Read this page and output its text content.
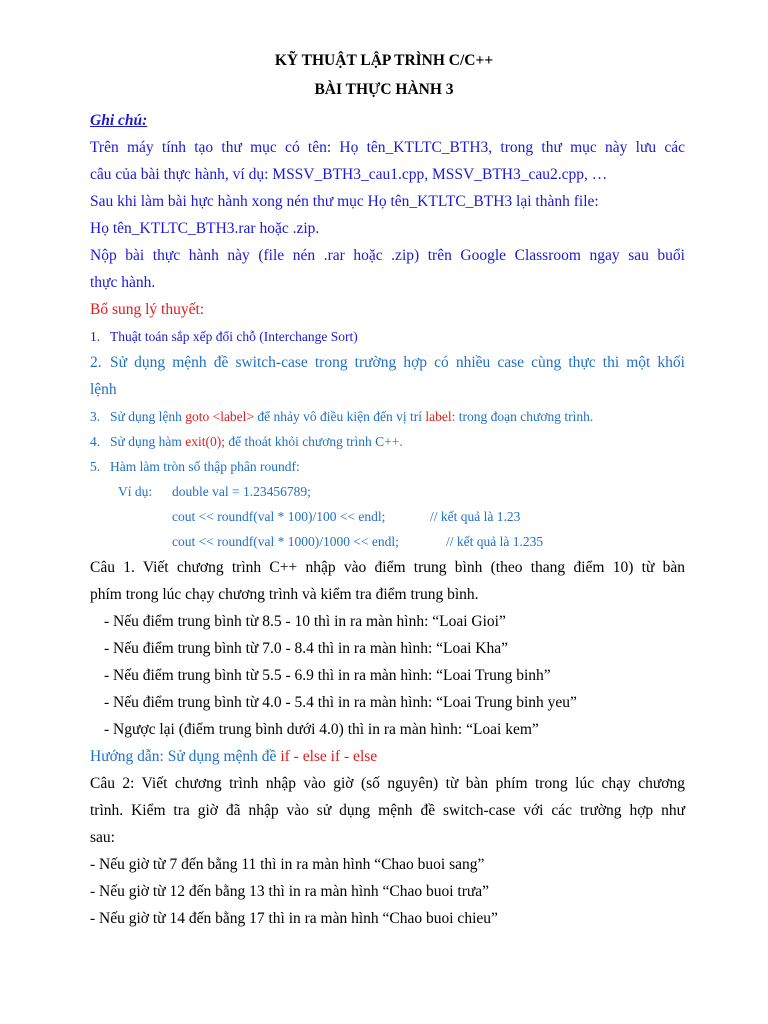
KỸ THUẬT LẬP TRÌNH C/C++
BÀI THỰC HÀNH 3
Ghi chú:
Trên máy tính tạo thư mục có tên: Họ tên_KTLTC_BTH3, trong thư mục này lưu các
câu của bài thực hành, ví dụ: MSSV_BTH3_cau1.cpp, MSSV_BTH3_cau2.cpp, …
Sau khi làm bài hực hành xong nén thư mục Họ tên_KTLTC_BTH3 lại thành file:
Họ tên_KTLTC_BTH3.rar hoặc .zip.
Nộp bài thực hành này (file nén .rar hoặc .zip) trên Google Classroom ngay sau buổi
thực hành.
Bổ sung lý thuyết:
1. Thuật toán sắp xếp đổi chỗ (Interchange Sort)
2. Sử dụng mệnh đề switch-case trong trường hợp có nhiều case cùng thực thi một khối
lệnh
3. Sử dụng lệnh goto <label> để nhảy vô điều kiện đến vị trí label: trong đoạn chương trình.
4. Sử dụng hàm exit(0); để thoát khỏi chương trình C++.
5. Hàm làm tròn số thập phân roundf:
Ví dụ: double val = 1.23456789;
cout << roundf(val * 100)/100 << endl;	// kết quả là 1.23
cout << roundf(val * 1000)/1000 << endl;	// kết quả là 1.235
Câu 1. Viết chương trình C++ nhập vào điểm trung bình (theo thang điểm 10) từ bàn
phím trong lúc chạy chương trình và kiểm tra điểm trung bình.
- Nếu điểm trung bình từ 8.5 - 10 thì in ra màn hình: “Loai Gioi”
- Nếu điểm trung bình từ 7.0 - 8.4 thì in ra màn hình: “Loai Kha”
- Nếu điểm trung bình từ 5.5 - 6.9 thì in ra màn hình: “Loai Trung binh”
- Nếu điểm trung bình từ 4.0 - 5.4 thì in ra màn hình: “Loai Trung binh yeu”
- Ngược lại (điểm trung bình dưới 4.0) thì in ra màn hình: “Loai kem”
Hướng dẫn: Sử dụng mệnh đề if - else if - else
Câu 2: Viết chương trình nhập vào giờ (số nguyên) từ bàn phím trong lúc chạy chương
trình. Kiểm tra giờ đã nhập vào sử dụng mệnh đề switch-case với các trường hợp như
sau:
- Nếu giờ từ 7 đến bằng 11 thì in ra màn hình “Chao buoi sang”
- Nếu giờ từ 12 đến bằng 13 thì in ra màn hình “Chao buoi trưa”
- Nếu giờ từ 14 đến bằng 17 thì in ra màn hình “Chao buoi chieu”
